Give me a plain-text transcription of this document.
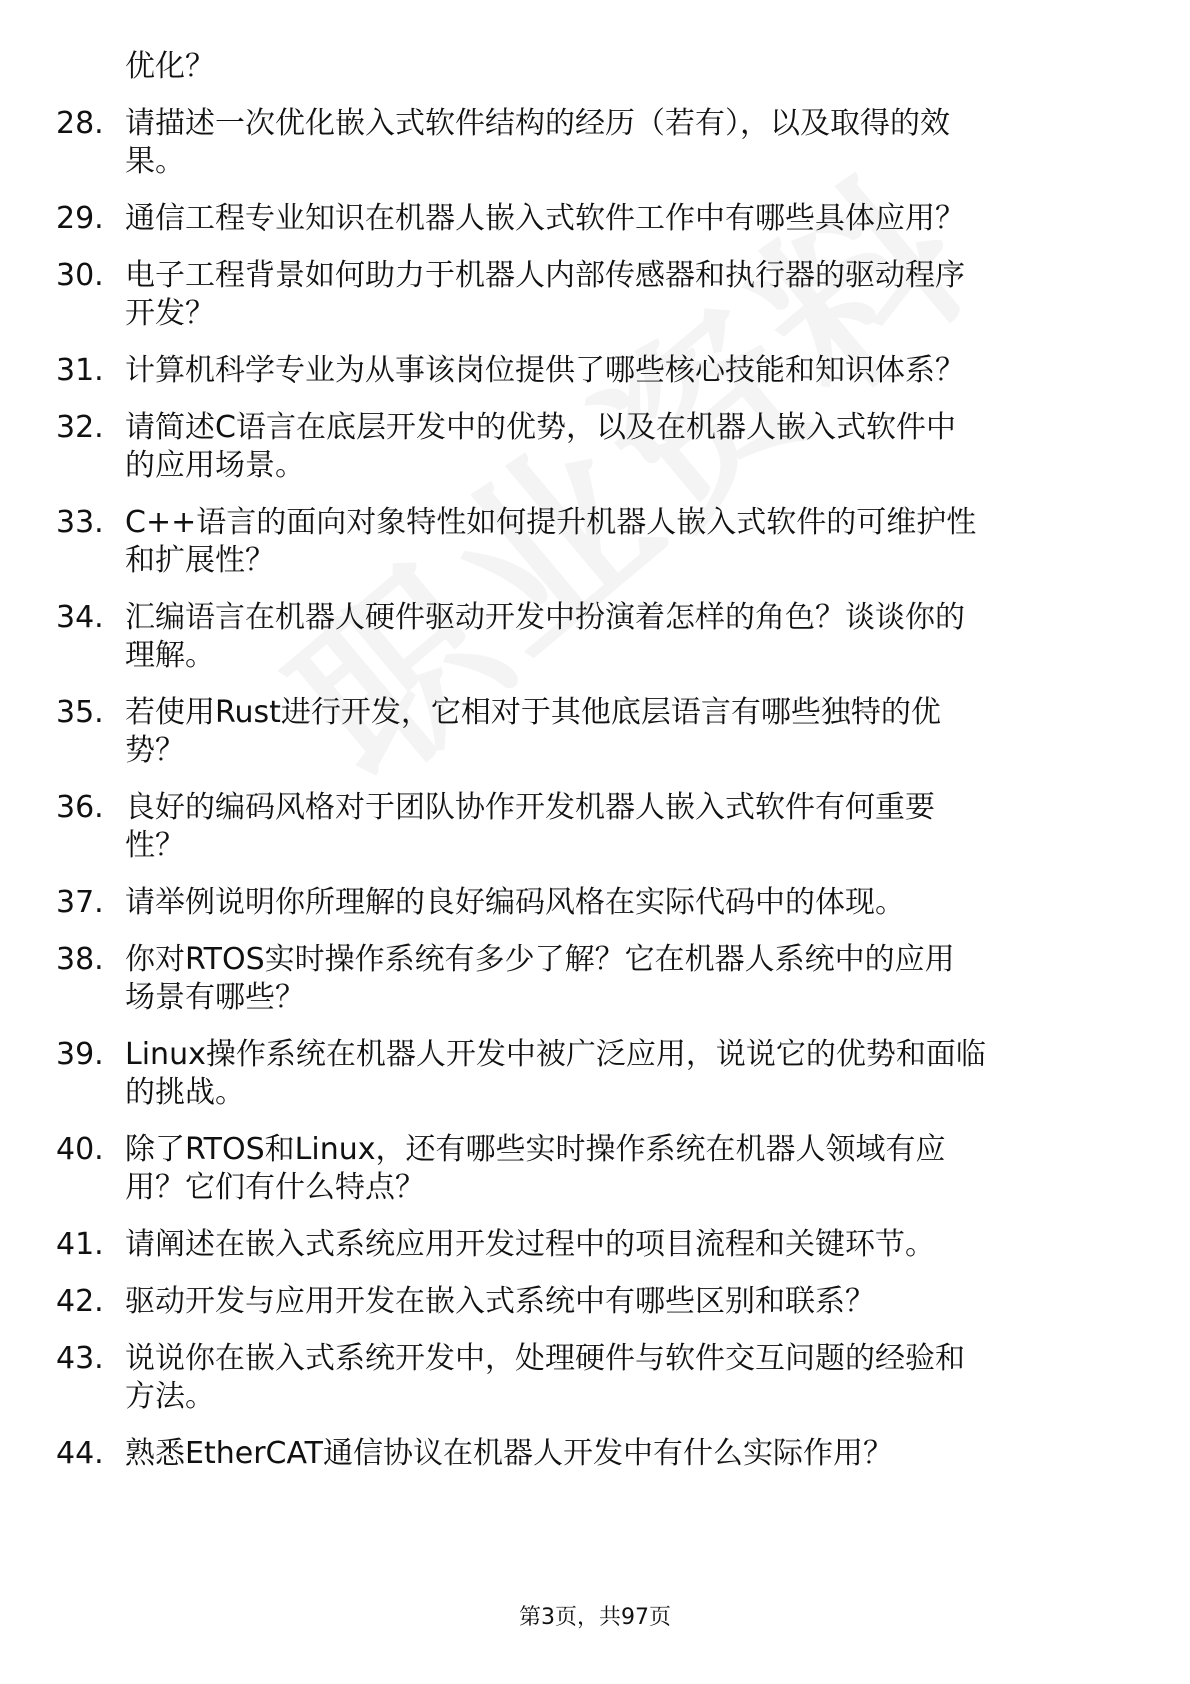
优化？
28. 请描述一次优化嵌入式软件结构的经历（若有），以及取得的效
果。
29. 通信工程专业知识在机器人嵌入式软件工作中有哪些具体应用？
30. 电子工程背景如何助力于机器人内部传感器和执行器的驱动程序
开发？
31. 计算机科学专业为从事该岗位提供了哪些核心技能和知识体系？
32. 请简述C语言在底层开发中的优势，以及在机器人嵌入式软件中
的应用场景。
33. C++语言的面向对象特性如何提升机器人嵌入式软件的可维护性
和扩展性？
34. 汇编语言在机器人硬件驱动开发中扮演着怎样的角色？谈谈你的
理解。
35. 若使用Rust进行开发，它相对于其他底层语言有哪些独特的优
势？
36. 良好的编码风格对于团队协作开发机器人嵌入式软件有何重要
性？
37. 请举例说明你所理解的良好编码风格在实际代码中的体现。
38. 你对RTOS实时操作系统有多少了解？它在机器人系统中的应用
场景有哪些？
39. Linux操作系统在机器人开发中被广泛应用，说说它的优势和面临
的挑战。
40. 除了RTOS和Linux，还有哪些实时操作系统在机器人领域有应
用？它们有什么特点？
41. 请阐述在嵌入式系统应用开发过程中的项目流程和关键环节。
42. 驱动开发与应用开发在嵌入式系统中有哪些区别和联系？
43. 说说你在嵌入式系统开发中，处理硬件与软件交互问题的经验和
方法。
44. 熟悉EtherCAT通信协议在机器人开发中有什么实际作用？
第3页，共97页
